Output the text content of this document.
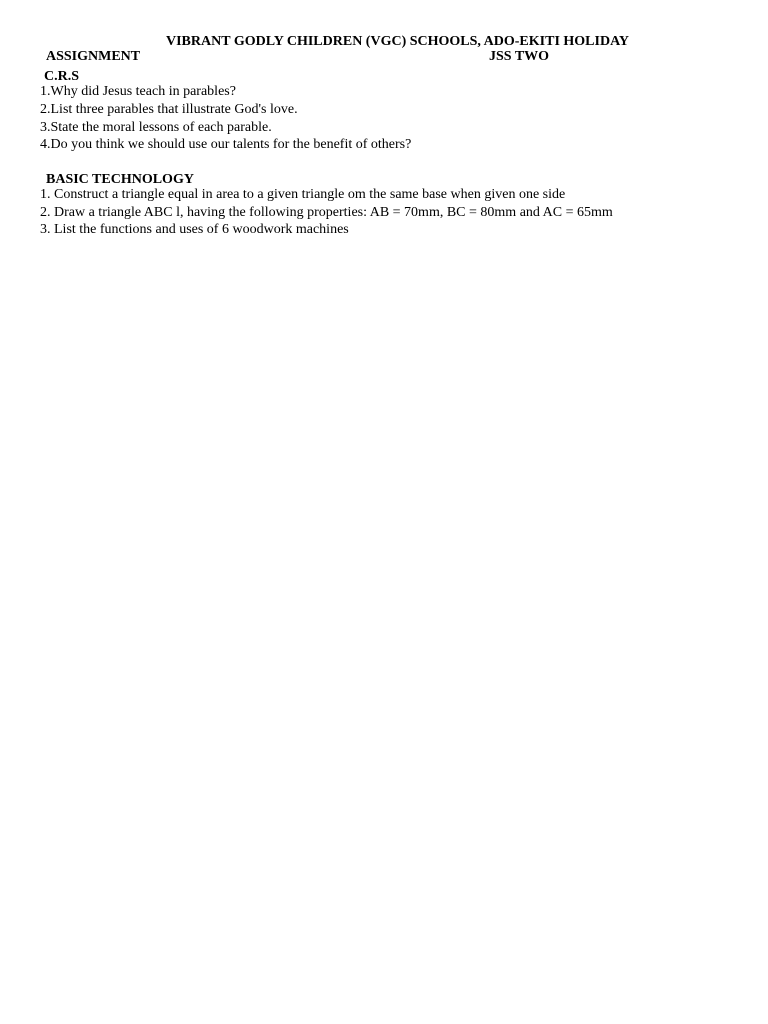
VIBRANT GODLY CHILDREN (VGC) SCHOOLS, ADO-EKITI HOLIDAY
ASSIGNMENT	JSS TWO
C.R.S
1.Why did Jesus teach in parables?
2.List three parables that illustrate God's love.
3.State the moral lessons of each parable.
4.Do you think we should use our talents for the benefit of others?
BASIC TECHNOLOGY
1. Construct a triangle equal in area to a given triangle om the same base when given one side
2. Draw a triangle ABC l, having the following properties: AB = 70mm, BC = 80mm and AC = 65mm
3. List the functions and uses of 6 woodwork machines
